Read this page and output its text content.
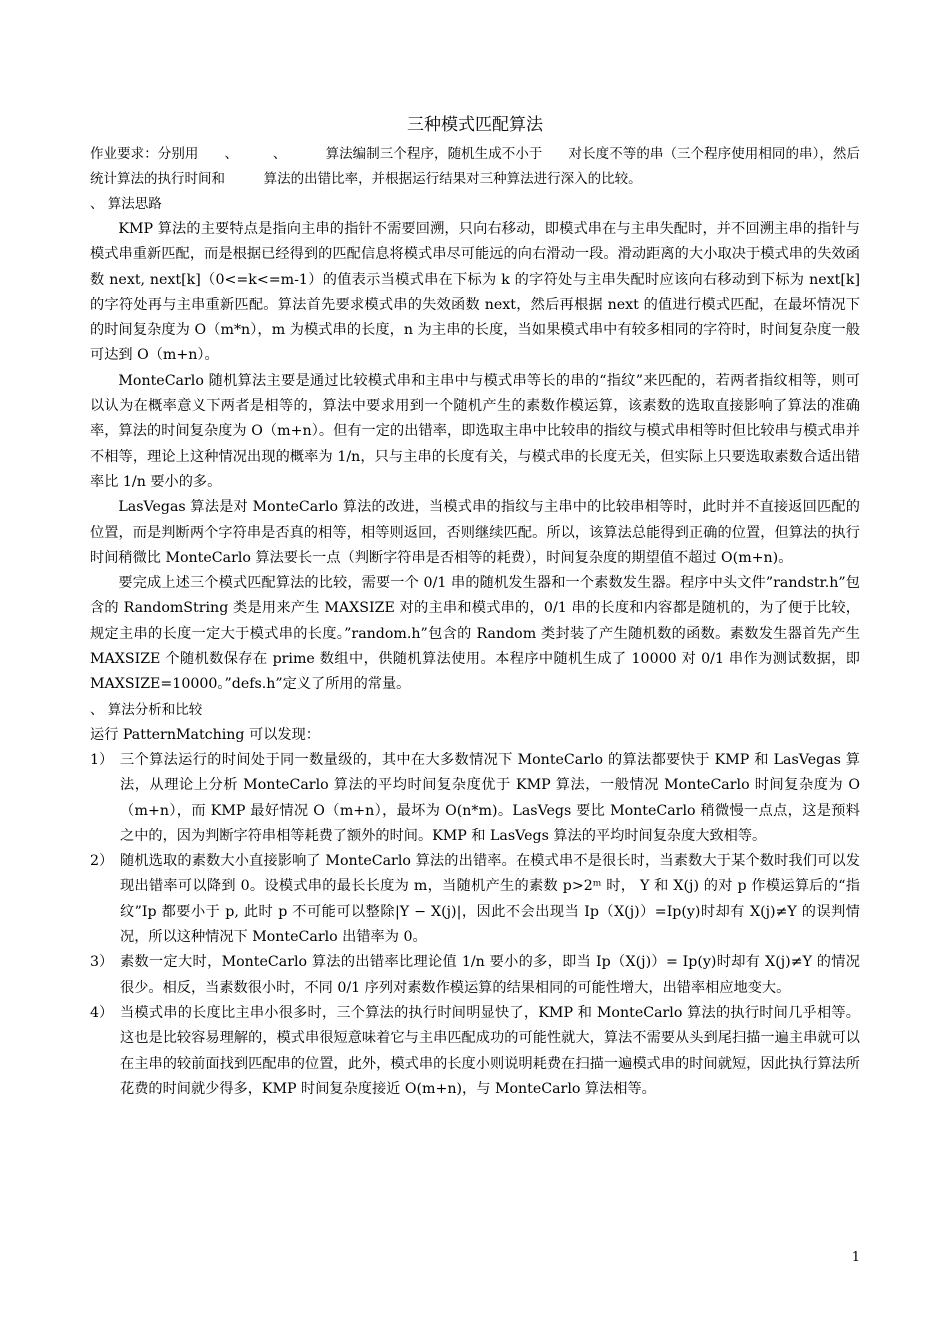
三种模式匹配算法

作业要求：分别用      、        、         算法编制三个程序，随机生成不小于      对长度不等的串（三个程序使用相同的串），然后统计算法的执行时间和         算法的出错比率，并根据运行结果对三种算法进行深入的比较。

、 算法思路

KMP 算法的主要特点是指向主串的指针不需要回溯，只向右移动，即模式串在与主串失配时，并不回溯主串的指针与模式串重新匹配，而是根据已经得到的匹配信息将模式串尽可能远的向右滑动一段。滑动距离的大小取决于模式串的失效函数 next, next[k]（0<=k<=m-1）的值表示当模式串在下标为 k 的字符处与主串失配时应该向右移动到下标为 next[k]的字符处再与主串重新匹配。算法首先要求模式串的失效函数 next，然后再根据 next 的值进行模式匹配，在最坏情况下的时间复杂度为 O（m*n），m 为模式串的长度，n 为主串的长度，当如果模式串中有较多相同的字符时，时间复杂度一般可达到 O（m+n）。

MonteCarlo 随机算法主要是通过比较模式串和主串中与模式串等长的串的“指纹”来匹配的，若两者指纹相等，则可以认为在概率意义下两者是相等的，算法中要求用到一个随机产生的素数作模运算，该素数的选取直接影响了算法的准确率，算法的时间复杂度为 O（m+n）。但有一定的出错率，即选取主串中比较串的指纹与模式串相等时但比较串与模式串并不相等，理论上这种情况出现的概率为 1/n，只与主串的长度有关，与模式串的长度无关，但实际上只要选取素数合适出错率比 1/n 要小的多。

LasVegas 算法是对 MonteCarlo 算法的改进，当模式串的指纹与主串中的比较串相等时，此时并不直接返回匹配的位置，而是判断两个字符串是否真的相等，相等则返回，否则继续匹配。所以，该算法总能得到正确的位置，但算法的执行时间稍微比 MonteCarlo 算法要长一点（判断字符串是否相等的耗费），时间复杂度的期望值不超过 O(m+n)。

要完成上述三个模式匹配算法的比较，需要一个 0/1 串的随机发生器和一个素数发生器。程序中头文件”randstr.h”包含的 RandomString 类是用来产生 MAXSIZE 对的主串和模式串的，0/1 串的长度和内容都是随机的，为了便于比较，规定主串的长度一定大于模式串的长度。”random.h”包含的 Random 类封装了产生随机数的函数。素数发生器首先产生 MAXSIZE 个随机数保存在 prime 数组中，供随机算法使用。本程序中随机生成了 10000 对 0/1 串作为测试数据，即 MAXSIZE=10000。”defs.h”定义了所用的常量。

、 算法分析和比较

运行 PatternMatching 可以发现：

1） 三个算法运行的时间处于同一数量级的，其中在大多数情况下 MonteCarlo 的算法都要快于 KMP 和 LasVegas 算法，从理论上分析 MonteCarlo 算法的平均时间复杂度优于 KMP 算法，一般情况 MonteCarlo 时间复杂度为 O（m+n），而 KMP 最好情况 O（m+n），最坏为 O(n*m)。LasVegs 要比 MonteCarlo 稍微慢一点点，这是预料之中的，因为判断字符串相等耗费了额外的时间。KMP 和 LasVegs 算法的平均时间复杂度大致相等。
2） 随机选取的素数大小直接影响了 MonteCarlo 算法的出错率。在模式串不是很长时，当素数大于某个数时我们可以发现出错率可以降到 0。设模式串的最长长度为 m，当随机产生的素数 p>2ᵐ 时， Y 和 X(j) 的对 p 作模运算后的“指纹”Ip 都要小于 p, 此时 p 不可能可以整除|Y − X(j)|，因此不会出现当 Ip（X(j)）=Ip(y)时却有 X(j)≠Y 的误判情况，所以这种情况下 MonteCarlo 出错率为 0。
3） 素数一定大时，MonteCarlo 算法的出错率比理论值 1/n 要小的多，即当 Ip（X(j)）= Ip(y)时却有 X(j)≠Y 的情况很少。相反，当素数很小时，不同 0/1 序列对素数作模运算的结果相同的可能性增大，出错率相应地变大。
4） 当模式串的长度比主串小很多时，三个算法的执行时间明显快了，KMP 和 MonteCarlo 算法的执行时间几乎相等。这也是比较容易理解的，模式串很短意味着它与主串匹配成功的可能性就大，算法不需要从头到尾扫描一遍主串就可以在主串的较前面找到匹配串的位置，此外，模式串的长度小则说明耗费在扫描一遍模式串的时间就短，因此执行算法所花费的时间就少得多，KMP 时间复杂度接近 O(m+n)，与 MonteCarlo 算法相等。
1
